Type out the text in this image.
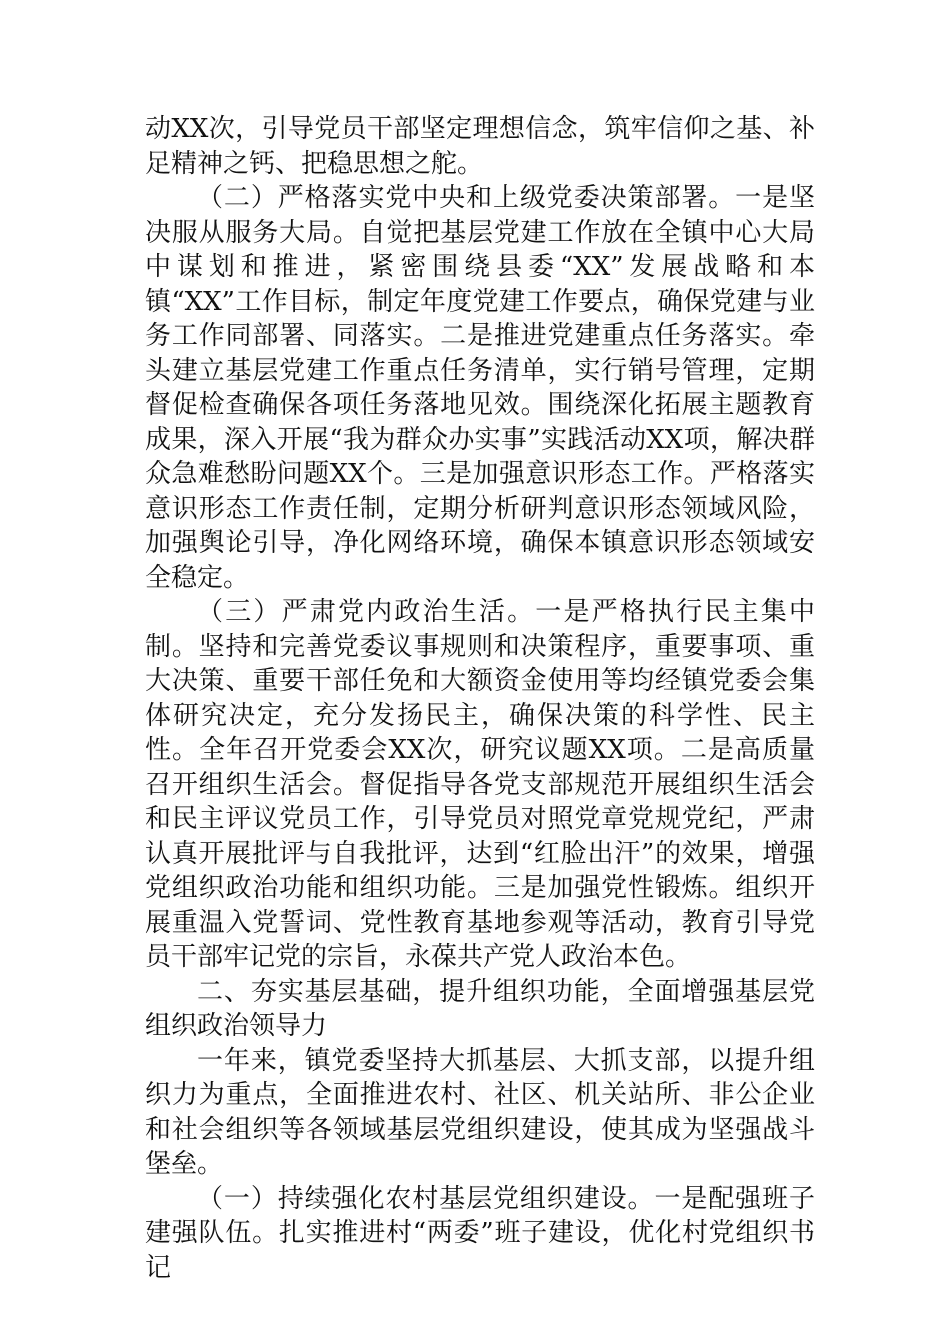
动XX次，引导党员干部坚定理想信念，筑牢信仰之基、补足精神之钙、把稳思想之舵。

（二）严格落实党中央和上级党委决策部署。一是坚决服从服务大局。自觉把基层党建工作放在全镇中心大局中谋划和推进，紧密围绕县委“XX”发展战略和本镇“XX”工作目标，制定年度党建工作要点，确保党建与业务工作同部署、同落实。二是推进党建重点任务落实。牵头建立基层党建工作重点任务清单，实行销号管理，定期督促检查确保各项任务落地见效。围绕深化拓展主题教育成果，深入开展“我为群众办实事”实践活动XX项，解决群众急难愁盼问题XX个。三是加强意识形态工作。严格落实意识形态工作责任制，定期分析研判意识形态领域风险，加强舆论引导，净化网络环境，确保本镇意识形态领域安全稳定。

（三）严肃党内政治生活。一是严格执行民主集中制。坚持和完善党委议事规则和决策程序，重要事项、重大决策、重要干部任免和大额资金使用等均经镇党委会集体研究决定，充分发扬民主，确保决策的科学性、民主性。全年召开党委会XX次，研究议题XX项。二是高质量召开组织生活会。督促指导各党支部规范开展组织生活会和民主评议党员工作，引导党员对照党章党规党纪，严肃认真开展批评与自我批评，达到“红脸出汗”的效果，增强党组织政治功能和组织功能。三是加强党性锻炼。组织开展重温入党誓词、党性教育基地参观等活动，教育引导党员干部牢记党的宗旨，永葆共产党人政治本色。

二、夯实基层基础，提升组织功能，全面增强基层党组织政治领导力

一年来，镇党委坚持大抓基层、大抓支部，以提升组织力为重点，全面推进农村、社区、机关站所、非公企业和社会组织等各领域基层党组织建设，使其成为坚强战斗堡垒。

（一）持续强化农村基层党组织建设。一是配强班子建强队伍。扎实推进村“两委”班子建设，优化村党组织书记
